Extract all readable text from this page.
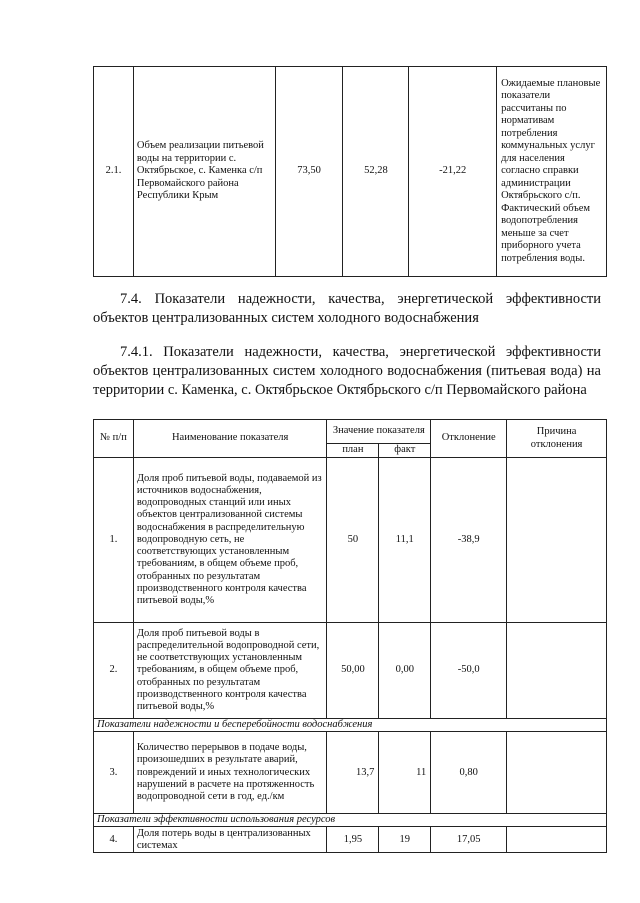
2.1.	Объем реализации питьевой воды на территории с. Октябрьское, с. Каменка с/п Первомайского района Республики Крым	73,50	52,28	-21,22	Ожидаемые плановые показатели рассчитаны по нормативам потребления коммунальных услуг для населения согласно справки администрации Октябрьского с/п. Фактический объем водопотребления меньше за счет приборного учета потребления воды.
7.4. Показатели надежности, качества, энергетической эффективности объектов централизованных систем холодного водоснабжения
7.4.1. Показатели надежности, качества, энергетической эффективности объектов централизованных систем холодного водоснабжения (питьевая вода) на территории с. Каменка, с. Октябрьское Октябрьского с/п Первомайского района
№ п/п	Наименование показателя	Значение показателя		Отклонение	Причина отклонения
		план	факт		
1.	Доля проб питьевой воды, подаваемой из источников водоснабжения, водопроводных станций или иных объектов централизованной системы водоснабжения в распределительную водопроводную сеть, не соответствующих установленным требованиям, в общем объеме проб, отобранных по результатам производственного контроля качества питьевой воды,%	50	11,1	-38,9	
2.	Доля проб питьевой воды в распределительной водопроводной сети, не соответствующих установленным требованиям, в общем объеме проб, отобранных по результатам производственного контроля качества питьевой воды,%	50,00	0,00	-50,0	
Показатели надежности и бесперебойности водоснабжения					
3.	Количество перерывов в подаче воды, произошедших в результате аварий, повреждений и иных технологических нарушений в расчете на протяженность водопроводной сети в год, ед./км	13,7	11	0,80	
Показатели эффективности использования ресурсов					
4.	Доля потерь воды в централизованных системах	1,95	19	17,05	
